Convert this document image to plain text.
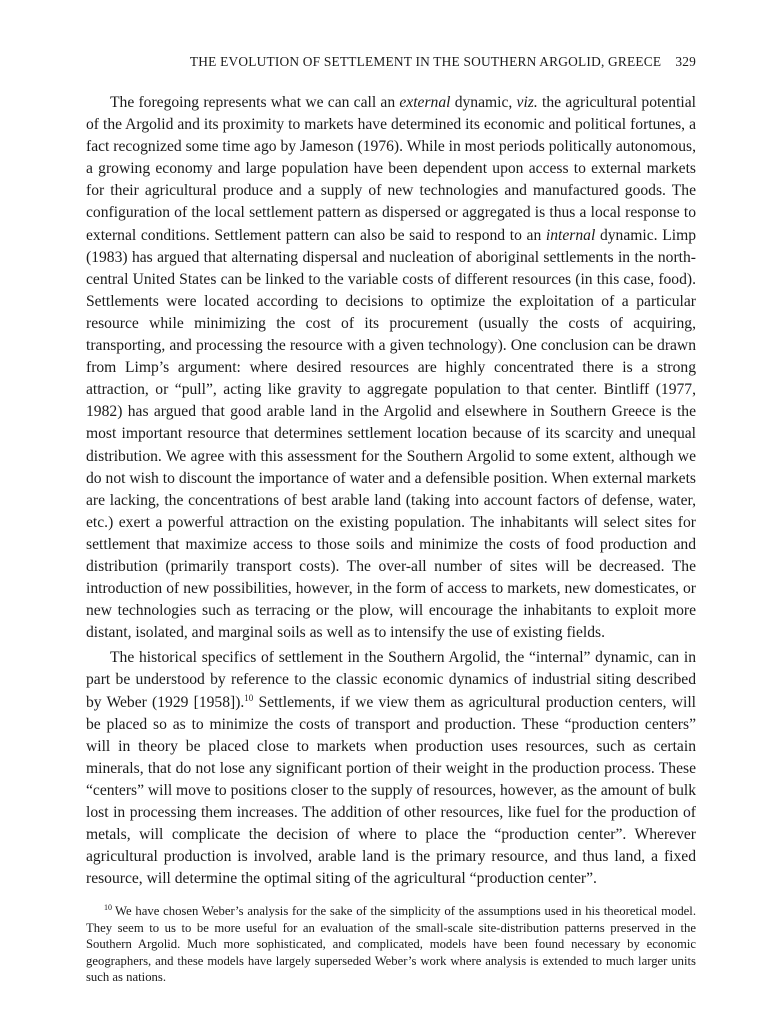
THE EVOLUTION OF SETTLEMENT IN THE SOUTHERN ARGOLID, GREECE 329

The foregoing represents what we can call an external dynamic, viz. the agricultural potential of the Argolid and its proximity to markets have determined its economic and political fortunes, a fact recognized some time ago by Jameson (1976). While in most periods politically autonomous, a growing economy and large population have been dependent upon access to external markets for their agricultural produce and a supply of new technologies and manufactured goods. The configuration of the local settlement pattern as dispersed or aggregated is thus a local response to external conditions. Settlement pattern can also be said to respond to an internal dynamic. Limp (1983) has argued that alternating dispersal and nucleation of aboriginal settlements in the north-central United States can be linked to the variable costs of different resources (in this case, food). Settlements were located according to decisions to optimize the exploitation of a particular resource while minimizing the cost of its procurement (usually the costs of acquiring, transporting, and processing the resource with a given technology). One conclusion can be drawn from Limp’s argument: where desired resources are highly concentrated there is a strong attraction, or “pull”, acting like gravity to aggregate population to that center. Bintliff (1977, 1982) has argued that good arable land in the Argolid and elsewhere in Southern Greece is the most important resource that determines settlement location because of its scarcity and unequal distribution. We agree with this assessment for the Southern Argolid to some extent, although we do not wish to discount the importance of water and a defensible position. When external markets are lacking, the concentrations of best arable land (taking into account factors of defense, water, etc.) exert a powerful attraction on the existing population. The inhabitants will select sites for settlement that maximize access to those soils and minimize the costs of food production and distribution (primarily transport costs). The over-all number of sites will be decreased. The introduction of new possibilities, however, in the form of access to markets, new domesticates, or new technologies such as terracing or the plow, will encourage the inhabitants to exploit more distant, isolated, and marginal soils as well as to intensify the use of existing fields.

The historical specifics of settlement in the Southern Argolid, the “internal” dynamic, can in part be understood by reference to the classic economic dynamics of industrial siting described by Weber (1929 [1958]).$^{10}$ Settlements, if we view them as agricultural production centers, will be placed so as to minimize the costs of transport and production. These “production centers” will in theory be placed close to markets when production uses resources, such as certain minerals, that do not lose any significant portion of their weight in the production process. These “centers” will move to positions closer to the supply of resources, however, as the amount of bulk lost in processing them increases. The addition of other resources, like fuel for the production of metals, will complicate the decision of where to place the “production center”. Wherever agricultural production is involved, arable land is the primary resource, and thus land, a fixed resource, will determine the optimal siting of the agricultural “production center”.

$^{10}$ We have chosen Weber’s analysis for the sake of the simplicity of the assumptions used in his theoretical model. They seem to us to be more useful for an evaluation of the small-scale site-distribution patterns preserved in the Southern Argolid. Much more sophisticated, and complicated, models have been found necessary by economic geographers, and these models have largely superseded Weber’s work where analysis is extended to much larger units such as nations.
